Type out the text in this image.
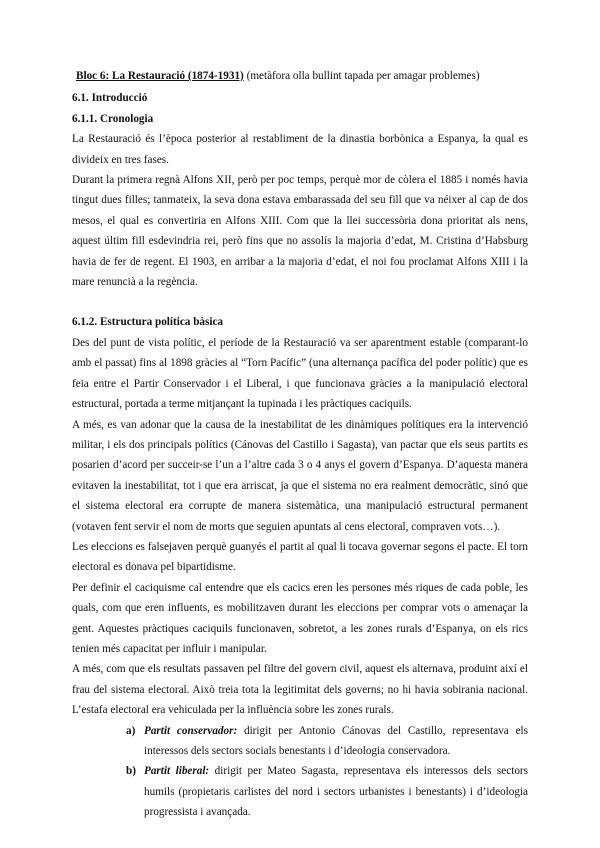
Bloc 6: La Restauració (1874-1931) (metàfora olla bullint tapada per amagar problemes)
6.1. Introducció
6.1.1. Cronologia

La Restauració és l’època posterior al restabliment de la dinastia borbònica a Espanya, la qual es divideix en tres fases.

Durant la primera regnà Alfons XII, però per poc temps, perquè mor de còlera el 1885 i només havia tingut dues filles; tanmateix, la seva dona estava embarassada del seu fill que va néixer al cap de dos mesos, el qual es convertiria en Alfons XIII. Com que la llei successòria dona prioritat als nens, aquest últim fill esdevindria rei, però fins que no assolís la majoria d’edat, M. Cristina d’Habsburg havia de fer de regent. El 1903, en arribar a la majoria d’edat, el noi fou proclamat Alfons XIII i la mare renuncià a la regència.

6.1.2. Estructura política bàsica

Des del punt de vista polític, el període de la Restauració va ser aparentment estable (comparant-lo amb el passat) fins al 1898 gràcies al “Torn Pacífic” (una alternança pacífica del poder polític) que es feia entre el Partir Conservador i el Liberal, i que funcionava gràcies a la manipulació electoral estructural, portada a terme mitjançant la tupinada i les pràctiques caciquils.

A més, es van adonar que la causa de la inestabilitat de les dinàmiques polítiques era la intervenció militar, i els dos principals polítics (Cánovas del Castillo i Sagasta), van pactar que els seus partits es posarien d’acord per succeir-se l’un a l’altre cada 3 o 4 anys el govern d’Espanya. D’aquesta manera evitaven la inestabilitat, tot i que era arriscat, ja que el sistema no era realment democràtic, sinó que el sistema electoral era corrupte de manera sistemàtica, una manipulació estructural permanent (votaven fent servir el nom de morts que seguien apuntats al cens electoral, compraven vots…).

Les eleccions es falsejaven perquè guanyés el partit al qual li tocava governar segons el pacte. El torn electoral es donava pel bipartidisme.

Per definir el caciquisme cal entendre que els cacics eren les persones més riques de cada poble, les quals, com que eren influents, es mobilitzaven durant les eleccions per comprar vots o amenaçar la gent. Aquestes pràctiques caciquils funcionaven, sobretot, a les zones rurals d’Espanya, on els rics tenien més capacitat per influir i manipular.

A més, com que els resultats passaven pel filtre del govern civil, aquest els alternava, produint així el frau del sistema electoral. Això treia tota la legitimitat dels governs; no hi havia sobirania nacional. L’estafa electoral era vehiculada per la influència sobre les zones rurals.

a) Partit conservador: dirigit per Antonio Cánovas del Castillo, representava els interessos dels sectors socials benestants i d’ideologia conservadora.
b) Partit liberal: dirigit per Mateo Sagasta, representava els interessos dels sectors humils (propietaris carlistes del nord i sectors urbanistes i benestants) i d’ideologia progressista i avançada.
